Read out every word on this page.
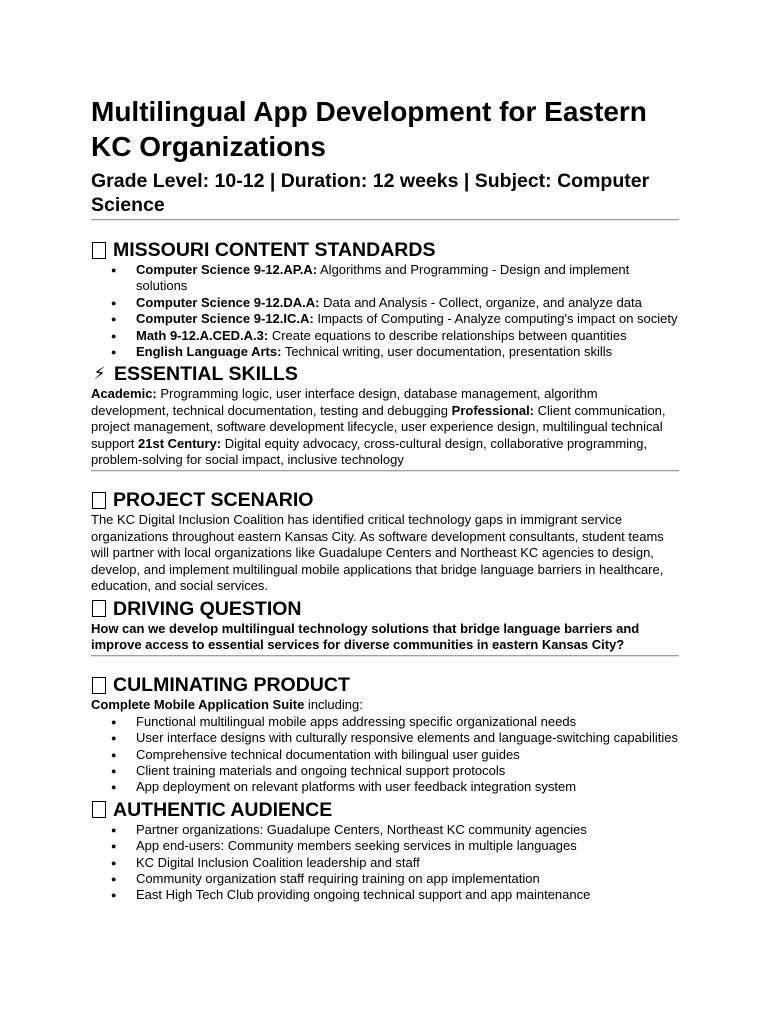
Multilingual App Development for Eastern KC Organizations
Grade Level: 10-12 | Duration: 12 weeks | Subject: Computer Science
MISSOURI CONTENT STANDARDS
● Computer Science 9-12.AP.A: Algorithms and Programming - Design and implement solutions
● Computer Science 9-12.DA.A: Data and Analysis - Collect, organize, and analyze data
● Computer Science 9-12.IC.A: Impacts of Computing - Analyze computing's impact on society
● Math 9-12.A.CED.A.3: Create equations to describe relationships between quantities
● English Language Arts: Technical writing, user documentation, presentation skills
⚡ ESSENTIAL SKILLS

Academic: Programming logic, user interface design, database management, algorithm development, technical documentation, testing and debugging Professional: Client communication, project management, software development lifecycle, user experience design, multilingual technical support 21st Century: Digital equity advocacy, cross-cultural design, collaborative programming, problem-solving for social impact, inclusive technology

PROJECT SCENARIO

The KC Digital Inclusion Coalition has identified critical technology gaps in immigrant service organizations throughout eastern Kansas City. As software development consultants, student teams will partner with local organizations like Guadalupe Centers and Northeast KC agencies to design, develop, and implement multilingual mobile applications that bridge language barriers in healthcare, education, and social services.

DRIVING QUESTION

How can we develop multilingual technology solutions that bridge language barriers and improve access to essential services for diverse communities in eastern Kansas City?

CULMINATING PRODUCT

Complete Mobile Application Suite including:

● Functional multilingual mobile apps addressing specific organizational needs
● User interface designs with culturally responsive elements and language-switching capabilities
● Comprehensive technical documentation with bilingual user guides
● Client training materials and ongoing technical support protocols
● App deployment on relevant platforms with user feedback integration system
AUTHENTIC AUDIENCE
● Partner organizations: Guadalupe Centers, Northeast KC community agencies
● App end-users: Community members seeking services in multiple languages
● KC Digital Inclusion Coalition leadership and staff
● Community organization staff requiring training on app implementation
● East High Tech Club providing ongoing technical support and app maintenance
